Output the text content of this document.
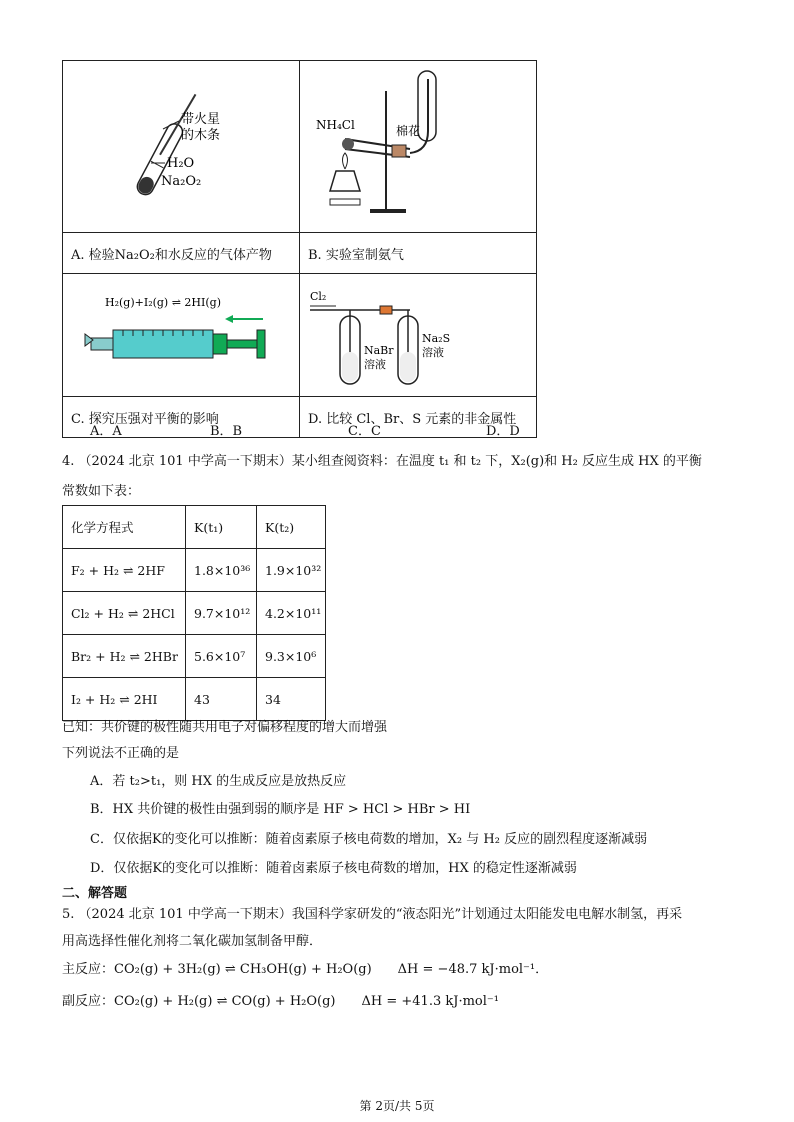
带火星
的木条
H₂O
Na₂O₂	NH₄Cl 棉花

A. 检验Na₂O₂和水反应的气体产物	B. 实验室制氨气

H₂(g)+I₂(g) ⇌ 2HI(g)	Cl₂
NaBr
溶液
Na₂S
溶液

C. 探究压强对平衡的影响	D. 比较 Cl、Br、S 元素的非金属性
A．A	B．B	C．C	D．D
4. （2024 北京 101 中学高一下期末）某小组查阅资料：在温度 t₁ 和 t₂ 下，X₂(g)和 H₂ 反应生成 HX 的平衡
常数如下表：
化学方程式	K(t₁)	K(t₂)
F₂ + H₂ ⇌ 2HF	1.8×10³⁶	1.9×10³²
Cl₂ + H₂ ⇌ 2HCl	9.7×10¹²	4.2×10¹¹
Br₂ + H₂ ⇌ 2HBr	5.6×10⁷	9.3×10⁶
I₂ + H₂ ⇌ 2HI	43	34
已知：共价键的极性随共用电子对偏移程度的增大而增强
下列说法不正确的是
A．若 t₂>t₁，则 HX 的生成反应是放热反应
B．HX 共价键的极性由强到弱的顺序是 HF > HCl > HBr > HI
C．仅依据K的变化可以推断：随着卤素原子核电荷数的增加，X₂ 与 H₂ 反应的剧烈程度逐渐减弱
D．仅依据K的变化可以推断：随着卤素原子核电荷数的增加，HX 的稳定性逐渐减弱
二、解答题
5. （2024 北京 101 中学高一下期末）我国科学家研发的“液态阳光”计划通过太阳能发电电解水制氢，再采
用高选择性催化剂将二氧化碳加氢制备甲醇．
主反应：CO₂(g) + 3H₂(g) ⇌ CH₃OH(g) + H₂O(g)　　ΔH = −48.7 kJ·mol⁻¹．
副反应：CO₂(g) + H₂(g) ⇌ CO(g) + H₂O(g)　　ΔH = +41.3 kJ·mol⁻¹
第 2页/共 5页
